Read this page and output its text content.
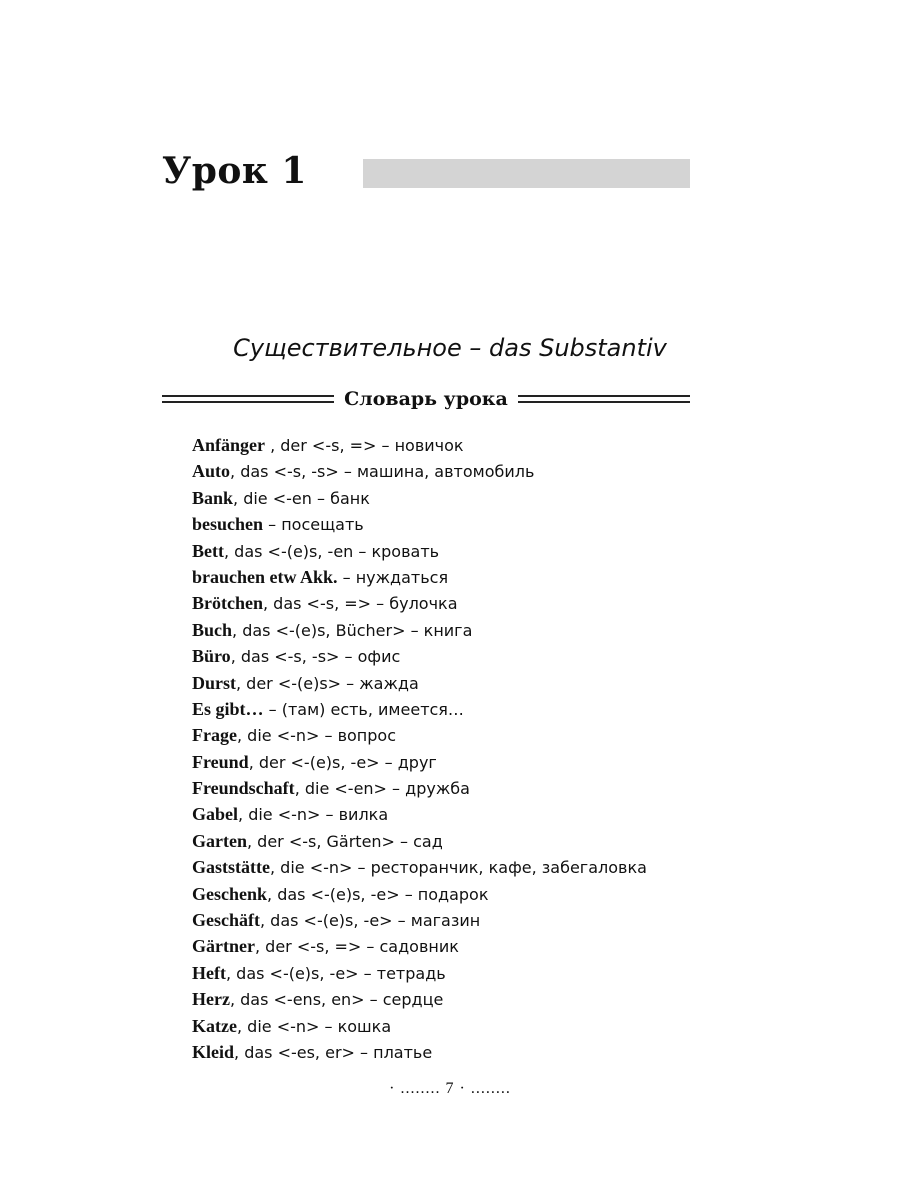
Урок 1
Существительное – das Substantiv
Словарь урока
Anfänger , der <-s, => – новичок
Auto, das <-s, -s> – машина, автомобиль
Bank, die <-en – банк
besuchen – посещать
Bett, das <-(e)s, -en – кровать
brauchen etw Akk. – нуждаться
Brötchen, das <-s, => – булочка
Buch, das <-(e)s, Bücher> – книга
Büro, das <-s, -s> – офис
Durst, der <-(e)s> – жажда
Es gibt… – (там) есть, имеется…
Frage, die <-n> – вопрос
Freund, der <-(e)s, -e> – друг
Freundschaft, die <-en> – дружба
Gabel, die <-n> – вилка
Garten, der <-s, Gärten> – сад
Gaststätte, die <-n> – ресторанчик, кафе, забегаловка
Geschenk, das <-(e)s, -e> – подарок
Geschäft, das <-(e)s, -e> – магазин
Gärtner, der <-s, => – садовник
Heft, das <-(e)s, -e> – тетрадь
Herz, das <-ens, en> – сердце
Katze, die <-n> – кошка
Kleid, das <-es, er> – платье
· ........ 7 · ........
